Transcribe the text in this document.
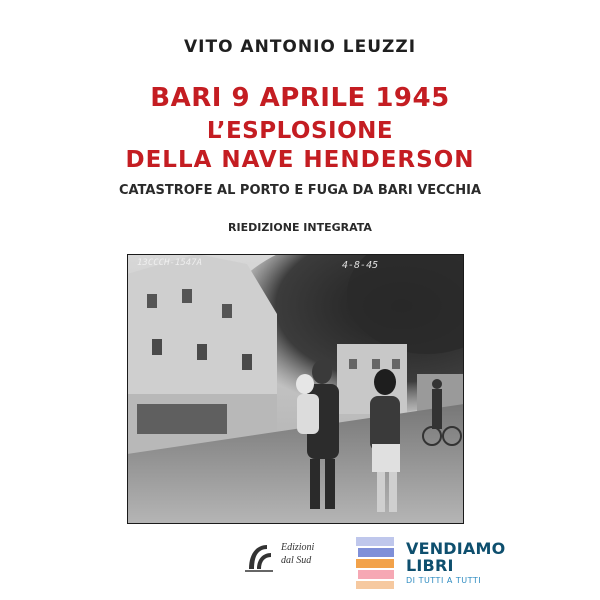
VITO ANTONIO LEUZZI
BARI 9 APRILE 1945
L’ESPLOSIONE
DELLA NAVE HENDERSON
CATASTROFE AL PORTO E FUGA DA BARI VECCHIA
RIEDIZIONE INTEGRATA
13CCCH-1547A	4-8-45
Edizioni
dal Sud
VENDIAMO
LIBRI
DI TUTTI A TUTTI
